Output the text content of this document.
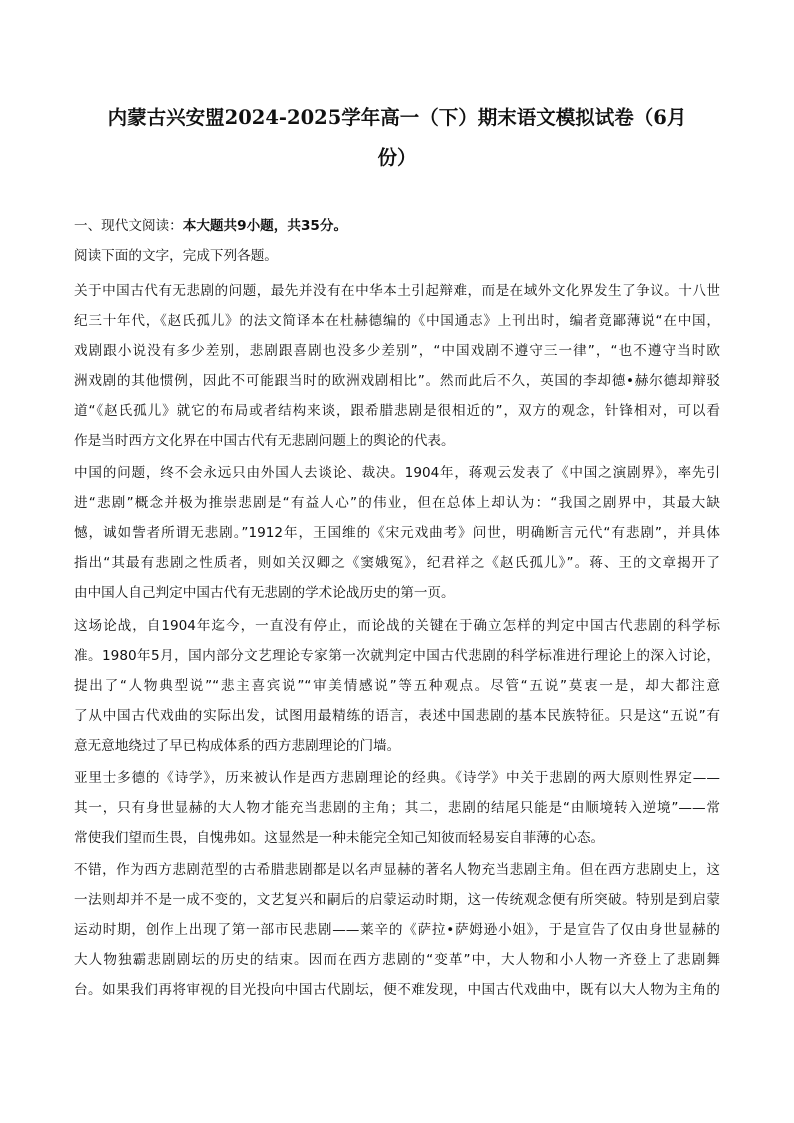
内蒙古兴安盟2024-2025学年高一（下）期末语文模拟试卷（6月
份）
一、现代文阅读：本大题共9小题，共35分。
阅读下面的文字，完成下列各题。
关于中国古代有无悲剧的问题，最先并没有在中华本土引起辩难，而是在域外文化界发生了争议。十八世
纪三十年代，《赵氏孤儿》的法文简译本在杜赫德编的《中国通志》上刊出时，编者竟鄙薄说“在中国，
戏剧跟小说没有多少差别，悲剧跟喜剧也没多少差别”，“中国戏剧不遵守三一律”，“也不遵守当时欧
洲戏剧的其他惯例，因此不可能跟当时的欧洲戏剧相比”。然而此后不久，英国的李却德•赫尔德却辩驳
道“《赵氏孤儿》就它的布局或者结构来谈，跟希腊悲剧是很相近的”，双方的观念，针锋相对，可以看
作是当时西方文化界在中国古代有无悲剧问题上的舆论的代表。
中国的问题，终不会永远只由外国人去谈论、裁决。1904年，蒋观云发表了《中国之演剧界》，率先引
进“悲剧”概念并极为推崇悲剧是“有益人心”的伟业，但在总体上却认为：“我国之剧界中，其最大缺
憾，诚如訾者所谓无悲剧。”1912年，王国维的《宋元戏曲考》问世，明确断言元代“有悲剧”，并具体
指出“其最有悲剧之性质者，则如关汉卿之《窦娥冤》，纪君祥之《赵氏孤儿》”。蒋、王的文章揭开了
由中国人自己判定中国古代有无悲剧的学术论战历史的第一页。
这场论战，自1904年迄今，一直没有停止，而论战的关键在于确立怎样的判定中国古代悲剧的科学标
准。1980年5月，国内部分文艺理论专家第一次就判定中国古代悲剧的科学标准进行理论上的深入讨论，
提出了“人物典型说”“悲主喜宾说”“审美情感说”等五种观点。尽管“五说”莫衷一是，却大都注意
了从中国古代戏曲的实际出发，试图用最精练的语言，表述中国悲剧的基本民族特征。只是这“五说”有
意无意地绕过了早已构成体系的西方悲剧理论的门墙。
亚里士多德的《诗学》，历来被认作是西方悲剧理论的经典。《诗学》中关于悲剧的两大原则性界定——
其一，只有身世显赫的大人物才能充当悲剧的主角；其二，悲剧的结尾只能是“由顺境转入逆境”——常
常使我们望而生畏，自愧弗如。这显然是一种未能完全知己知彼而轻易妄自菲薄的心态。
不错，作为西方悲剧范型的古希腊悲剧都是以名声显赫的著名人物充当悲剧主角。但在西方悲剧史上，这
一法则却并不是一成不变的，文艺复兴和嗣后的启蒙运动时期，这一传统观念便有所突破。特别是到启蒙
运动时期，创作上出现了第一部市民悲剧——莱辛的《萨拉•萨姆逊小姐》，于是宣告了仅由身世显赫的
大人物独霸悲剧剧坛的历史的结束。因而在西方悲剧的“变革”中，大人物和小人物一齐登上了悲剧舞
台。如果我们再将审视的目光投向中国古代剧坛，便不难发现，中国古代戏曲中，既有以大人物为主角的
